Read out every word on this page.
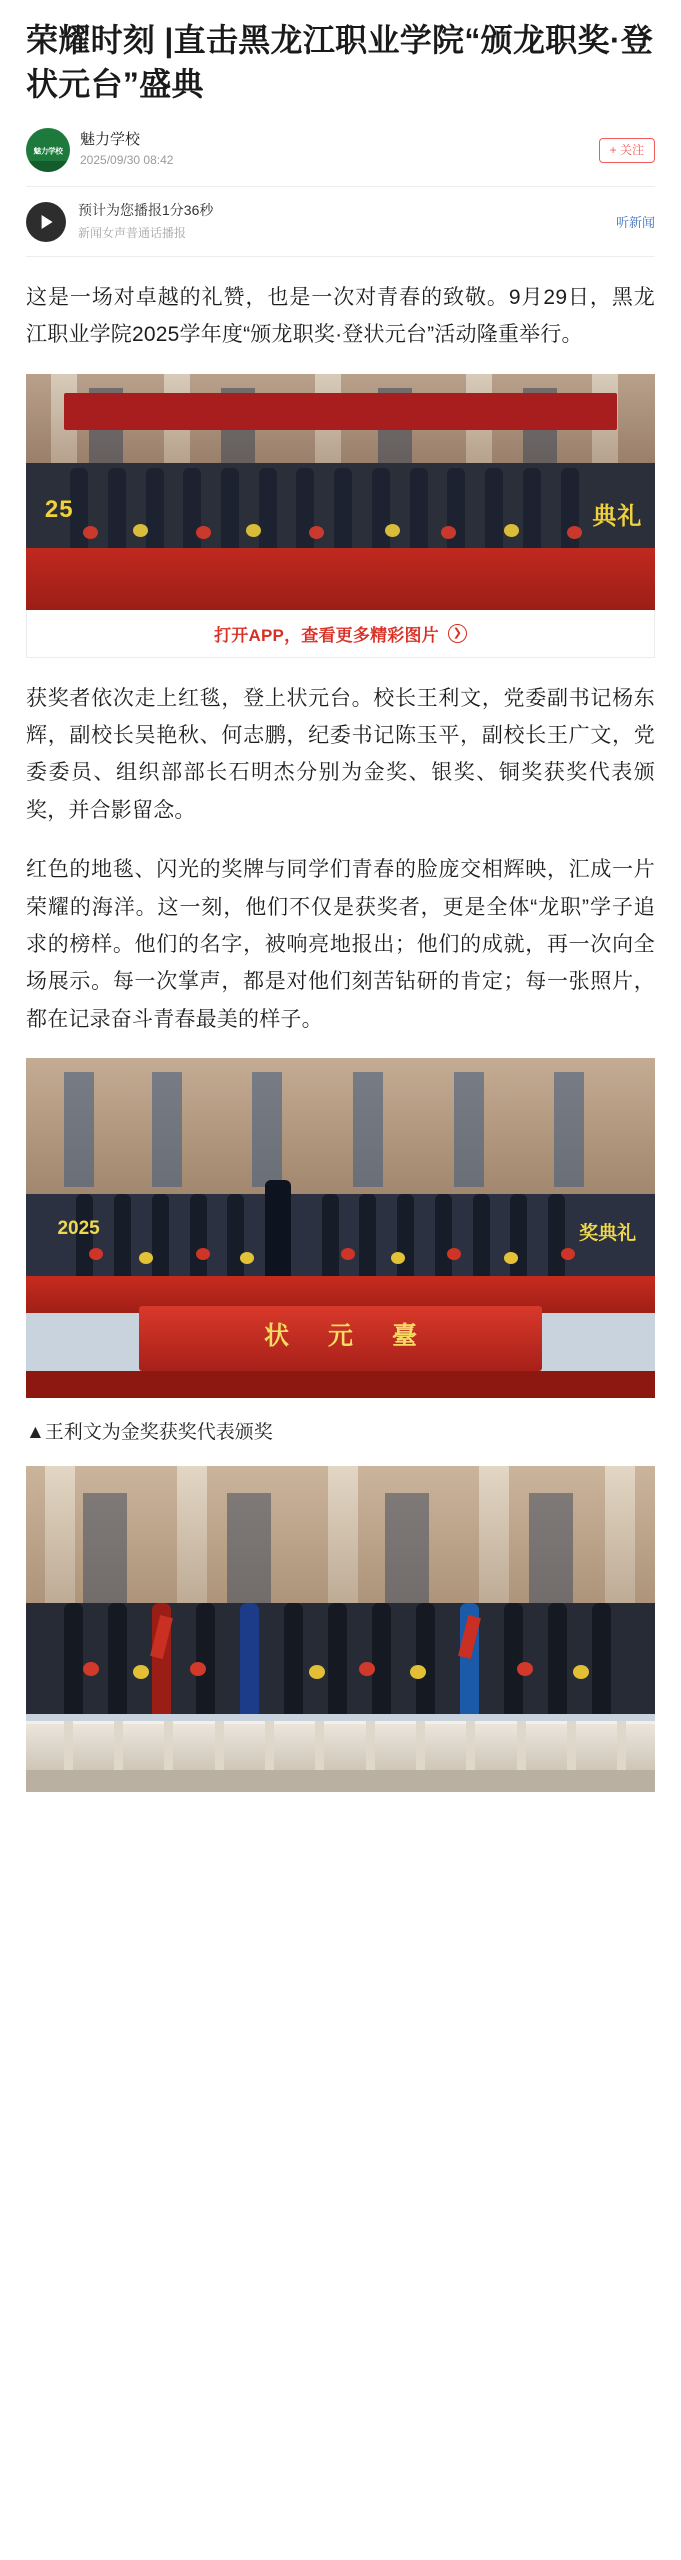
荣耀时刻 |直击黑龙江职业学院“颁龙职奖·登状元台”盛典
魅力学校
魅力学校
2025/09/30 08:42
+ 关注
预计为您播报1分36秒
新闻女声普通话播报
听新闻

这是一场对卓越的礼赞，也是一次对青春的致敬。9月29日，黑龙江职业学院2025学年度“颁龙职奖·登状元台”活动隆重举行。

25	典礼
打开APP，查看更多精彩图片	❯

获奖者依次走上红毯，登上状元台。校长王利文，党委副书记杨东辉，副校长吴艳秋、何志鹏，纪委书记陈玉平，副校长王广文，党委委员、组织部部长石明杰分别为金奖、银奖、铜奖获奖代表颁奖，并合影留念。

红色的地毯、闪光的奖牌与同学们青春的脸庞交相辉映，汇成一片荣耀的海洋。这一刻，他们不仅是获奖者，更是全体“龙职”学子追求的榜样。他们的名字，被响亮地报出；他们的成就，再一次向全场展示。每一次掌声，都是对他们刻苦钻研的肯定；每一张照片，都在记录奋斗青春最美的样子。

状 元 臺
2025	奖典礼
▲王利文为金奖获奖代表颁奖
